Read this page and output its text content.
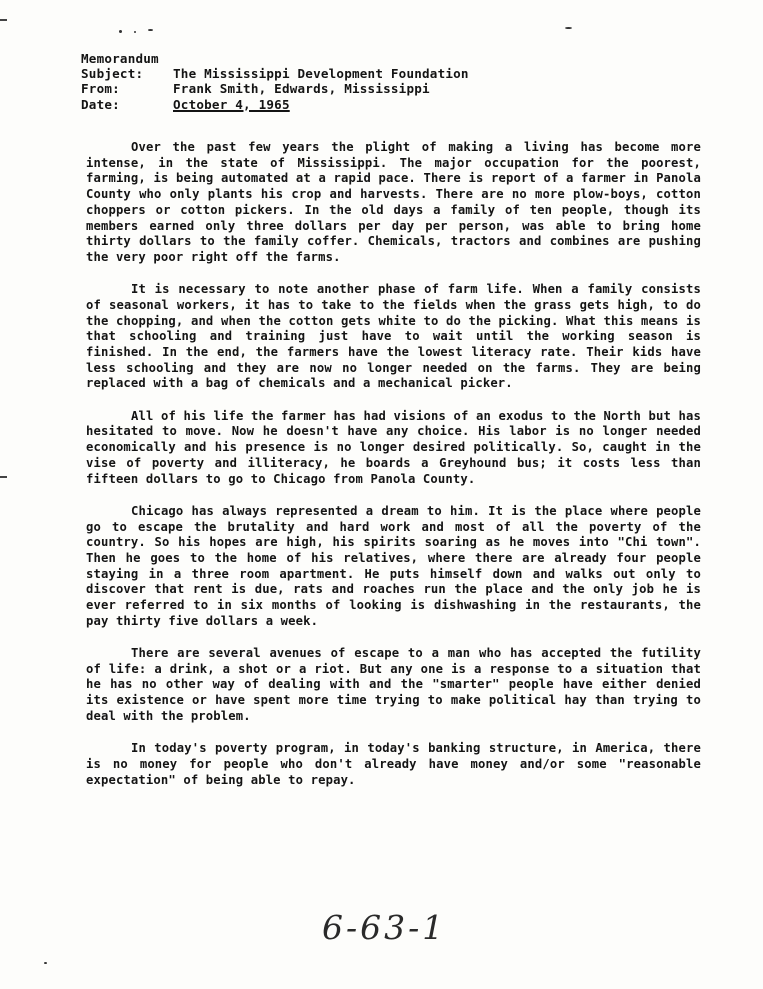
Memorandum
Subject:	The Mississippi Development Foundation
From:	Frank Smith, Edwards, Mississippi
Date:	October 4, 1965

Over the past few years the plight of making a living has become more intense, in the state of Mississippi. The major occupation for the poorest, farming, is being automated at a rapid pace. There is report of a farmer in Panola County who only plants his crop and harvests. There are no more plow-boys, cotton choppers or cotton pickers. In the old days a family of ten people, though its members earned only three dollars per day per person, was able to bring home thirty dollars to the family coffer. Chemicals, tractors and combines are pushing the very poor right off the farms.

It is necessary to note another phase of farm life. When a family consists of seasonal workers, it has to take to the fields when the grass gets high, to do the chopping, and when the cotton gets white to do the picking. What this means is that schooling and training just have to wait until the working season is finished. In the end, the farmers have the lowest literacy rate. Their kids have less schooling and they are now no longer needed on the farms. They are being replaced with a bag of chemicals and a mechanical picker.

All of his life the farmer has had visions of an exodus to the North but has hesitated to move. Now he doesn't have any choice. His labor is no longer needed economically and his presence is no longer desired politically. So, caught in the vise of poverty and illiteracy, he boards a Greyhound bus; it costs less than fifteen dollars to go to Chicago from Panola County.

Chicago has always represented a dream to him. It is the place where people go to escape the brutality and hard work and most of all the poverty of the country. So his hopes are high, his spirits soaring as he moves into "Chi town". Then he goes to the home of his relatives, where there are already four people staying in a three room apartment. He puts himself down and walks out only to discover that rent is due, rats and roaches run the place and the only job he is ever referred to in six months of looking is dishwashing in the restaurants, the pay thirty five dollars a week.

There are several avenues of escape to a man who has accepted the futility of life: a drink, a shot or a riot. But any one is a response to a situation that he has no other way of dealing with and the "smarter" people have either denied its existence or have spent more time trying to make political hay than trying to deal with the problem.

In today's poverty program, in today's banking structure, in America, there is no money for people who don't already have money and/or some "reasonable expectation" of being able to repay.

6-63-1
